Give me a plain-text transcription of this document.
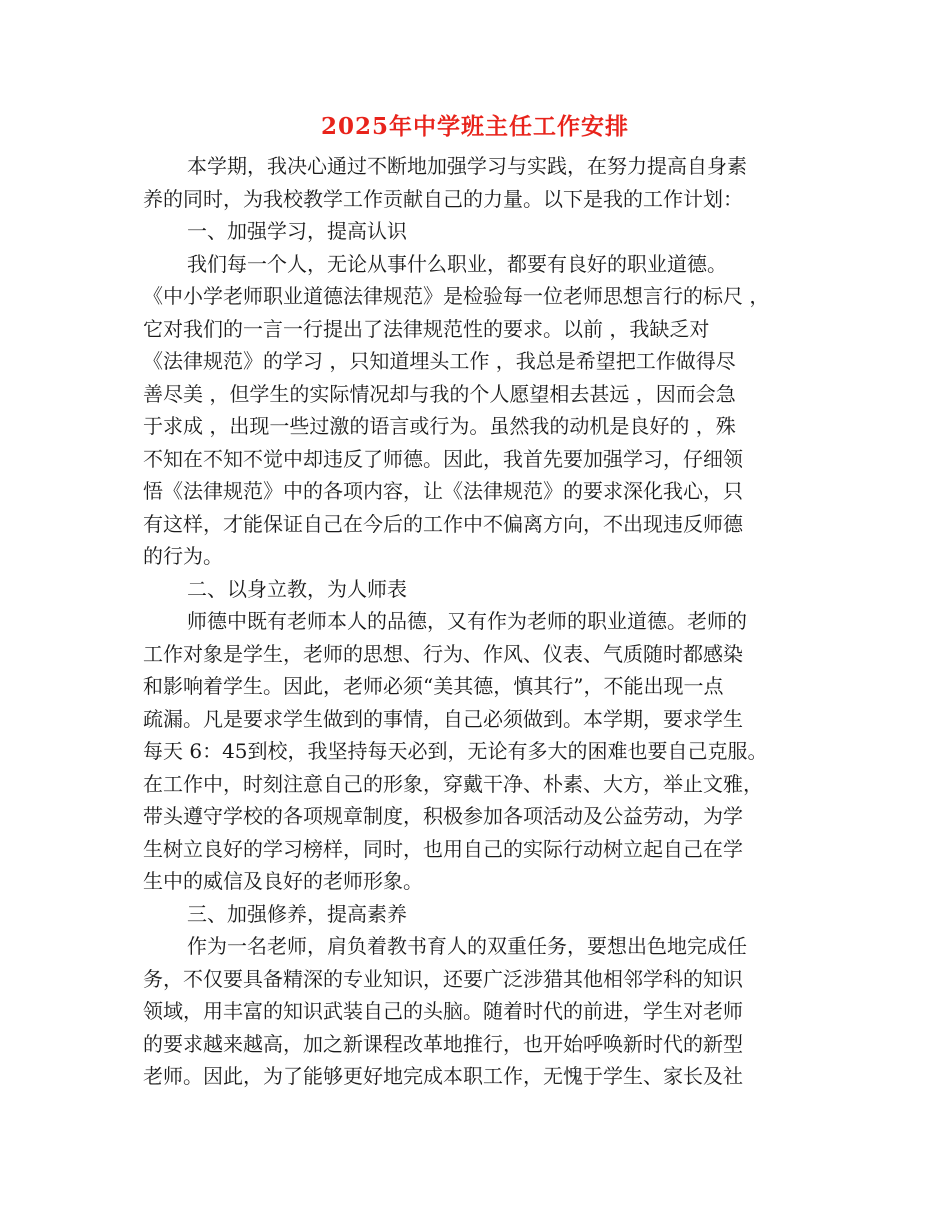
2025年中学班主任工作安排
本学期，我决心通过不断地加强学习与实践，在努力提高自身素
养的同时，为我校教学工作贡献自己的力量。以下是我的工作计划：
一、加强学习，提高认识
我们每一个人，无论从事什么职业，都要有良好的职业道德。
《中小学老师职业道德法律规范》是检验每一位老师思想言行的标尺 ，
它对我们的一言一行提出了法律规范性的要求。以前 ，我缺乏对
《法律规范》的学习 ，只知道埋头工作 ，我总是希望把工作做得尽
善尽美 ，但学生的实际情况却与我的个人愿望相去甚远 ，因而会急
于求成 ，出现一些过激的语言或行为。虽然我的动机是良好的 ，殊
不知在不知不觉中却违反了师德。因此，我首先要加强学习，仔细领
悟《法律规范》中的各项内容，让《法律规范》的要求深化我心，只
有这样，才能保证自己在今后的工作中不偏离方向，不出现违反师德
的行为。
二、以身立教，为人师表
师德中既有老师本人的品德，又有作为老师的职业道德。老师的
工作对象是学生，老师的思想、行为、作风、仪表、气质随时都感染
和影响着学生。因此，老师必须“美其德，慎其行”，不能出现一点
疏漏。凡是要求学生做到的事情，自己必须做到。本学期，要求学生
每天 6：45到校，我坚持每天必到，无论有多大的困难也要自己克服。
在工作中，时刻注意自己的形象，穿戴干净、朴素、大方，举止文雅，
带头遵守学校的各项规章制度，积极参加各项活动及公益劳动，为学
生树立良好的学习榜样，同时，也用自己的实际行动树立起自己在学
生中的威信及良好的老师形象。
三、加强修养，提高素养
作为一名老师，肩负着教书育人的双重任务，要想出色地完成任
务，不仅要具备精深的专业知识，还要广泛涉猎其他相邻学科的知识
领域，用丰富的知识武装自己的头脑。随着时代的前进，学生对老师
的要求越来越高，加之新课程改革地推行，也开始呼唤新时代的新型
老师。因此，为了能够更好地完成本职工作，无愧于学生、家长及社
